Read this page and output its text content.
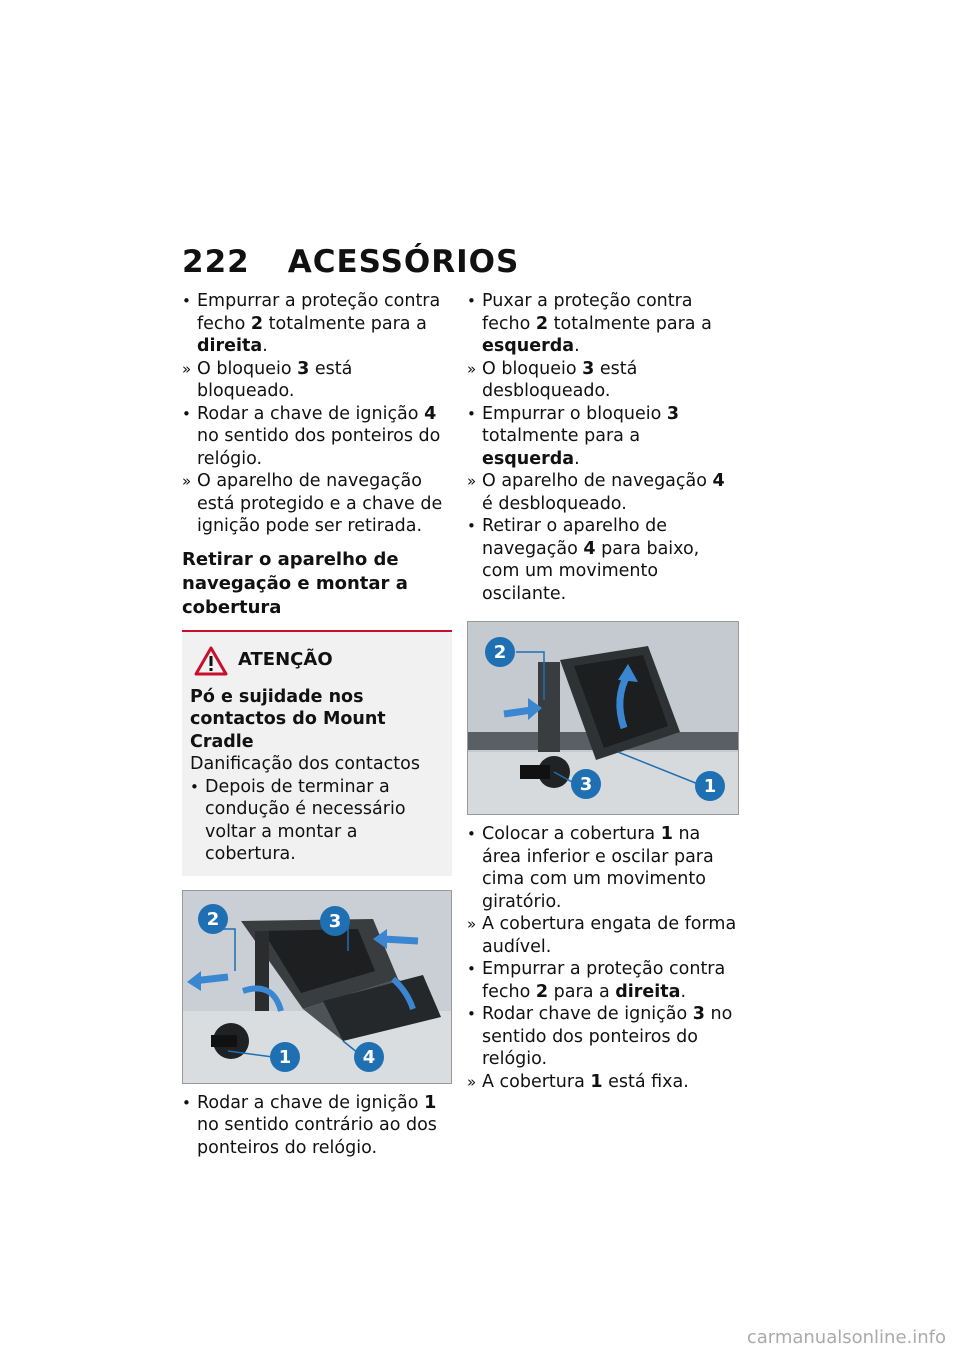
222 ACESSÓRIOS
• Empurrar a proteção contra fecho 2 totalmente para a direita.
» O bloqueio 3 está bloqueado.
• Rodar a chave de ignição 4 no sentido dos ponteiros do relógio.
» O aparelho de navegação está protegido e a chave de ignição pode ser retirada.
Retirar o aparelho de navegação e montar a cobertura
ATENÇÃO
Pó e sujidade nos contactos do Mount Cradle
Danificação dos contactos
• Depois de terminar a condução é necessário voltar a montar a cobertura.
2	3
1	4
• Rodar a chave de ignição 1 no sentido contrário ao dos ponteiros do relógio.
• Puxar a proteção contra fecho 2 totalmente para a esquerda.
» O bloqueio 3 está desbloqueado.
• Empurrar o bloqueio 3 totalmente para a esquerda.
» O aparelho de navegação 4 é desbloqueado.
• Retirar o aparelho de navegação 4 para baixo, com um movimento oscilante.
2
3	1
• Colocar a cobertura 1 na área inferior e oscilar para cima com um movimento giratório.
» A cobertura engata de forma audível.
• Empurrar a proteção contra fecho 2 para a direita.
• Rodar chave de ignição 3 no sentido dos ponteiros do relógio.
» A cobertura 1 está fixa.
carmanualsonline.info
